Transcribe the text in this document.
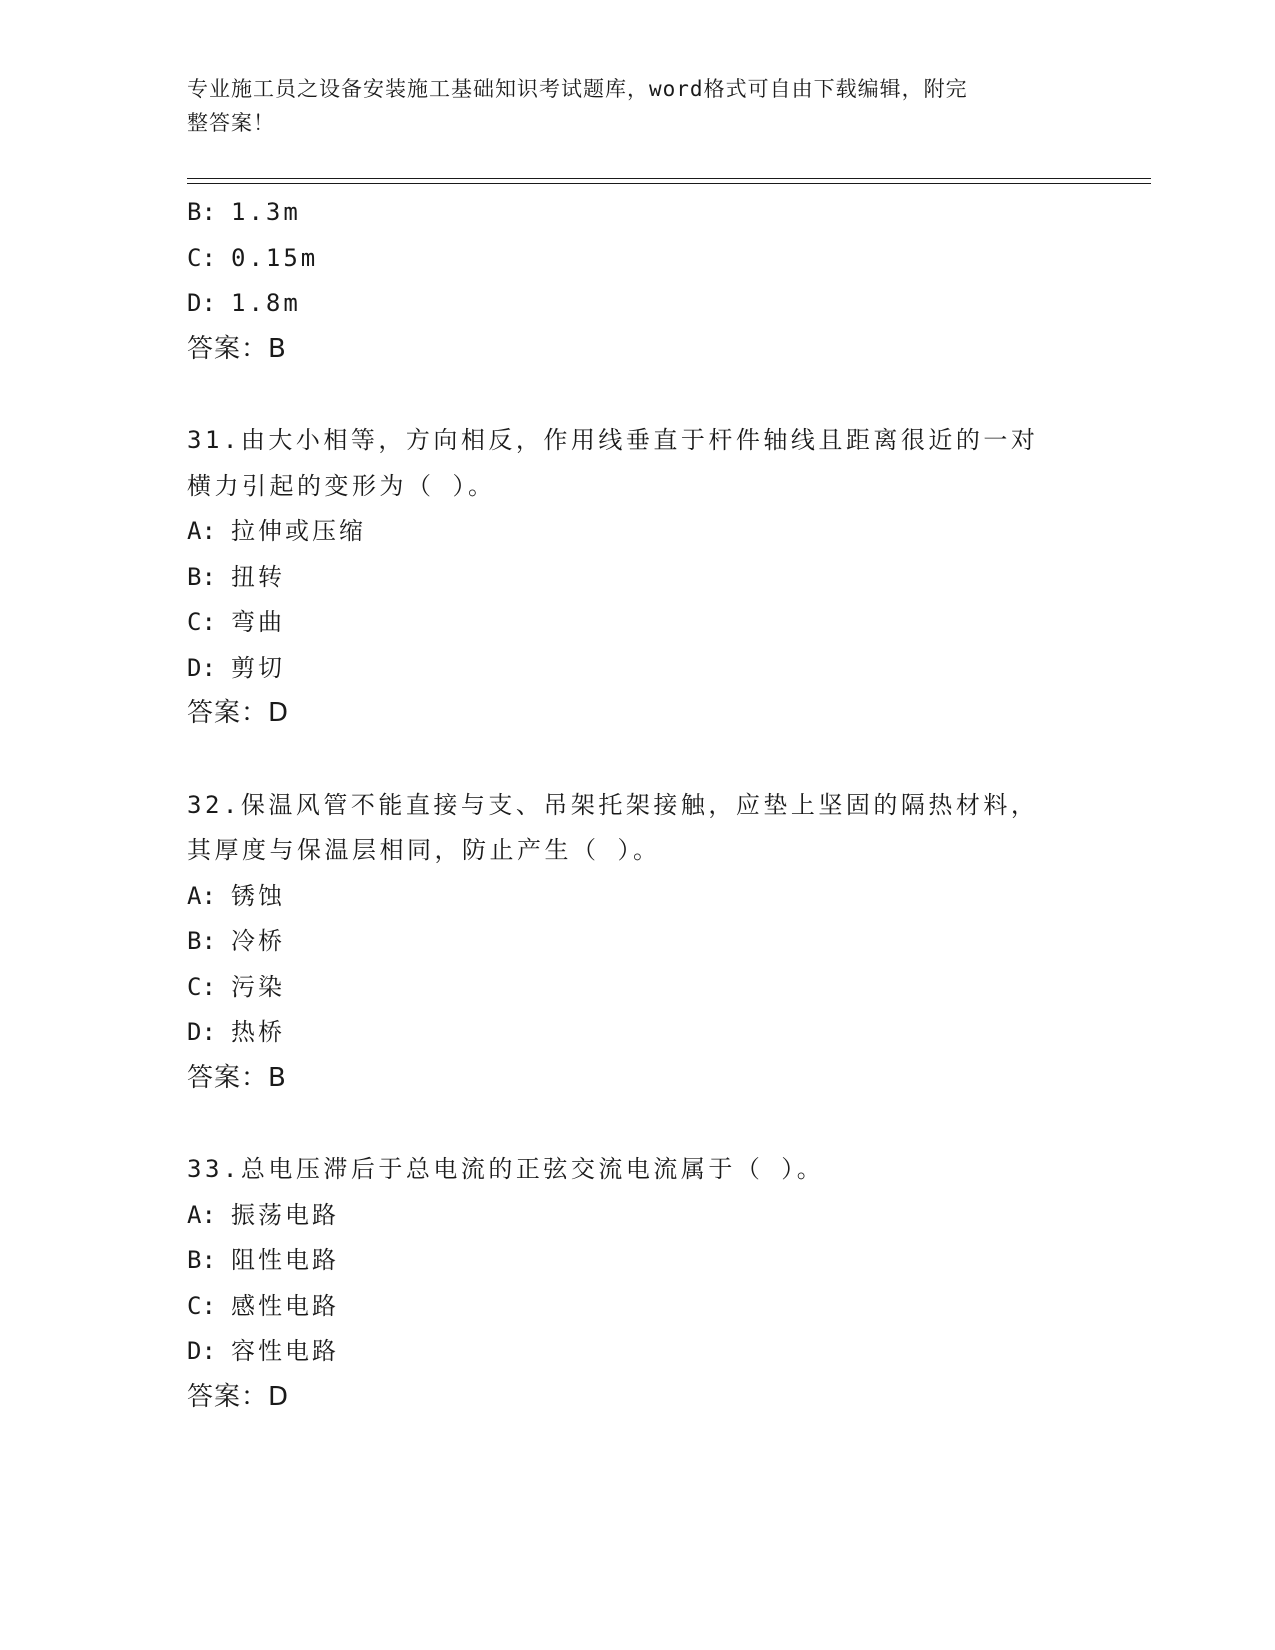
专业施工员之设备安装施工基础知识考试题库，word格式可自由下载编辑，附完
整答案！
B: 1.3m
C: 0.15m
D: 1.8m
答案：B
31.由大小相等，方向相反，作用线垂直于杆件轴线且距离很近的一对
横力引起的变形为（ ）。
A: 拉伸或压缩
B: 扭转
C: 弯曲
D: 剪切
答案：D
32.保温风管不能直接与支、吊架托架接触，应垫上坚固的隔热材料，
其厚度与保温层相同，防止产生（ ）。
A: 锈蚀
B: 冷桥
C: 污染
D: 热桥
答案：B
33.总电压滞后于总电流的正弦交流电流属于（ ）。
A: 振荡电路
B: 阻性电路
C: 感性电路
D: 容性电路
答案：D
